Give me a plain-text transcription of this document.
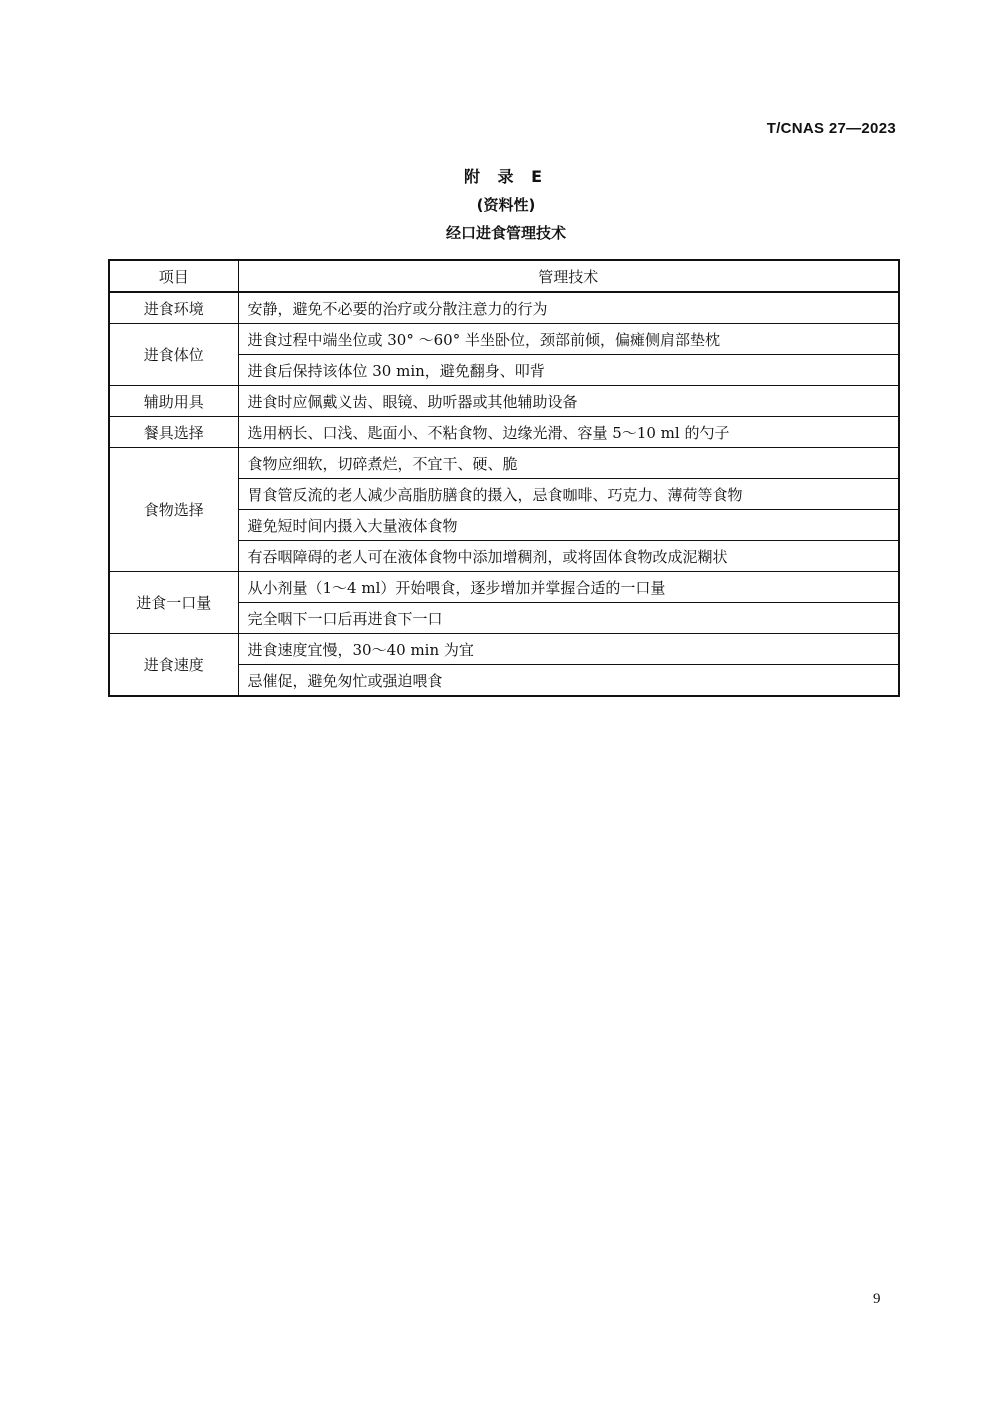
T/CNAS 27—2023
附 录 E
(资料性)
经口进食管理技术
项目	管理技术
进食环境	安静，避免不必要的治疗或分散注意力的行为
进食体位	进食过程中端坐位或 30° ～60° 半坐卧位，颈部前倾，偏瘫侧肩部垫枕
	进食后保持该体位 30 min，避免翻身、叩背
辅助用具	进食时应佩戴义齿、眼镜、助听器或其他辅助设备
餐具选择	选用柄长、口浅、匙面小、不粘食物、边缘光滑、容量 5～10 ml 的勺子
食物选择	食物应细软，切碎煮烂，不宜干、硬、脆
	胃食管反流的老人减少高脂肪膳食的摄入，忌食咖啡、巧克力、薄荷等食物
	避免短时间内摄入大量液体食物
	有吞咽障碍的老人可在液体食物中添加增稠剂，或将固体食物改成泥糊状
进食一口量	从小剂量（1～4 ml）开始喂食，逐步增加并掌握合适的一口量
	完全咽下一口后再进食下一口
进食速度	进食速度宜慢，30～40 min 为宜
	忌催促，避免匆忙或强迫喂食
9
